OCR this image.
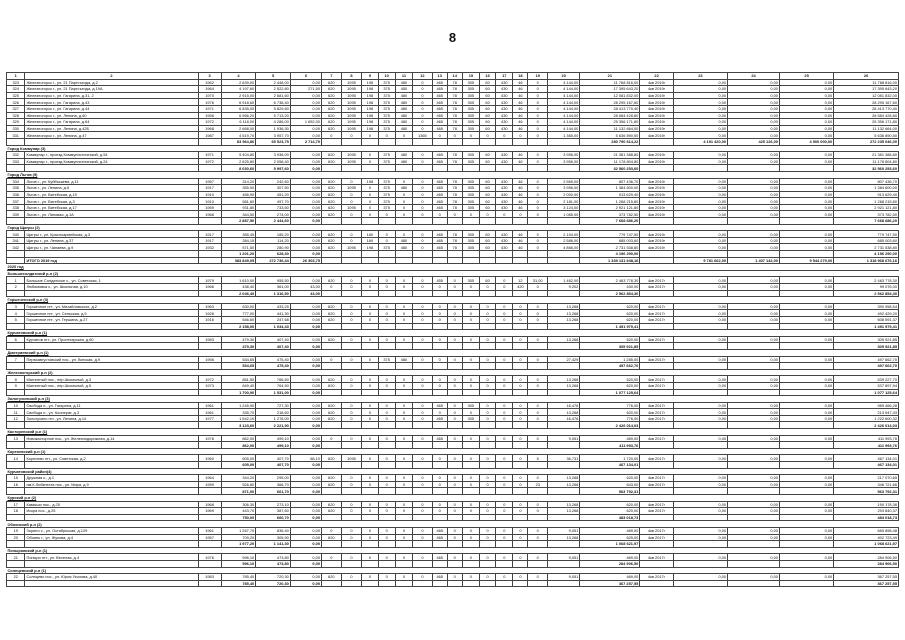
8
1	2	3	4	5	6	7	8	9	10	11	12	13	14	15	16	17	18	19	20	21	22	23	24	25	26
323	Железногорск г., ул. 21 Партсъезда, д.2	1962	2 639,00	2 448,00	0,00	620	1095	198	375	480	0	465	78	305	60	430	46	0	4 144,00	11 768 816,00	4кв 2019г	0,00	0,00	0,00	11 768 816,00
324	Железногорск г., ул. 21 Партсъезда, д.19А	1964	4 197,60	2 522,80	271,50	620	1095	198	375	450	0	465	78	305	60	430	46	0	4 144,00	17 395 643,20	4кв 2019г	0,00	0,00	0,00	17 395 643,20
325	Железногорск г., ул. Гагарина, д.31, 2	1970	2 915,00	2 681,60	0,00	620	1095	198	375	480	0	465	78	305	60	430	46	0	4 144,00	12 081 832,00	4кв 2019г	0,00	0,00	0,00	12 081 832,00
326	Железногорск г., ул. Гагарина, д.43	1976	6 918,60	6 738,40	0,00	620	1095	198	375	480	0	465	78	305	60	430	46	0	4 144,00	28 295 167,60	4кв 2019г	0,00	0,00	0,00	28 295 167,60
327	Железногорск г., ул. Гагарина, д.44	1971	6 835,00	5 829,60	0,00	620	1095	198	375	480	0	465	78	305	60	430	46	0	4 144,00	28 413 770,40	4кв 2019г	0,00	0,00	0,00	28 413 770,40
328	Железногорск г., ул. Ленина, д.60	1956	6 966,20	5 713,20	0,00	620	1095	198	375	480	0	465	78	305	60	430	46	0	4 144,00	28 584 428,80	4кв 2019г	0,00	0,00	0,00	28 584 428,80
329	Железногорск г., ул. Гагарина, д.64	1972	6 118,00	4 286,00	1 652,00	620	1095	198	375	480	0	465	78	305	60	430	46	0	4 144,00	25 356 171,80	4кв 2019г	0,00	0,00	0,00	25 356 171,80
330	Железногорск г., ул. Ленина, д.42Б	1968	2 668,00	1 936,30	0,00	620	1095	198	375	480	0	465	78	305	60	430	46	0	4 144,00	11 132 664,00	4кв 2019г	0,00	0,00	0,00	11 132 664,00
331	Железногорск г., ул. Ленина, д.47	1987	4 519,70	3 957,70	0,00	0	0	0	0	0	1365	0	0	0	0	0	0	0	1 365,00	5 636 890,50	4кв 2019г	0,00	0,00	0,00	5 636 890,50
			83 964,86	65 523,75	2 714,79															280 790 614,22		4 191 420,00	425 126,00	4 900 000,00	272 235 046,00
Город Коммунар (3)																									
332	Коммунар г., проезд Коммунистический, д.54	1971	5 404,80	3 936,00	0,00	620	1095	0	375	480	0	465	78	305	60	430	46	0	3 956,00	21 381 388,80	4кв 2019г	0,00	0,00	0,00	21 381 388,80
333	Коммунар г., проезд Коммунистический, д.24	1972	2 625,80	2 058,40	0,00	620	1095	0	375	480	0	465	78	305	60	430	46	0	3 956,00	11 178 804,80	4кв 2019г	0,00	0,00	0,00	11 178 804,80
			8 030,60	5 997,60	0,00															32 560 253,60					32 560 253,60
Город Льгов (5)																									
334	Льгов г., ул. Куйбышева, д.11	1957	314,20	242,60	0,00	620	0	198	375	0	0	465	78	305	60	430	46	0	2 569,00	807 436,70	4кв 2019г	0,00	0,00	0,00	807 436,70
335	Льгов г., ул. Ленина, д.6	1917	355,00	307,50	0,00	620	1095	0	375	480	0	465	78	305	60	430	46	0	3 956,00	1 384 600,00	4кв 2019г	0,00	0,00	0,00	1 384 600,00
336	Льгов г., ул. Витебская, д.15	1910	456,90	451,20	0,00	620	0	0	375	0	0	465	78	305	60	430	46	0	2 000,00	913 629,40	4кв 2019г	0,00	0,00	0,00	913 629,40
337	Льгов г., ул. Витебская, д.3	1910	581,60	497,70	0,00	620	0	0	375	0	0	465	78	305	60	430	46	0	2 181,00	1 268 215,80	4кв 2019г	0,00	0,00	0,00	1 268 215,80
338	Льгов г., ул. Витебская, д.17	1959	931,80	733,60	0,00	620	1095	0	375	0	0	465	78	305	60	430	46	0	3 124,00	2 921 121,80	4кв 2019г	0,00	0,00	0,00	2 921 121,80
339	Льгов г., ул. Липовая, д.1А	1968	344,50	274,00	0,00	620	0	0	0	0	0	0	0	0	0	0	0	0	1 085,00	373 782,50	4кв 2019г	0,00	0,00	0,00	373 782,50
			2 887,50	2 444,60	0,00															7 668 686,20					7 668 686,20
Город Щигры (2)																									
340	Щигры г., ул. Красноармейская, д.3	1917	355,45	185,20	0,00	620	0	160	0	0	0	465	78	305	60	430	46	0	2 194,00	779 747,50	4кв 2019г	0,00	0,00	0,00	779 747,50
341	Щигры г., ул. Ленина, д.37	1917	284,15	114,20	0,00	620	0	160	0	480	0	465	78	305	60	430	46	0	2 586,00	685 003,60	4кв 2019г	0,00	0,00	0,00	685 003,60
342	Щигры г., ул. Чапаева, д.9	1932	571,50	280,90	0,00	620	1095	198	375	480	0	465	78	305	60	430	46	0	4 866,00	2 731 538,80	4кв 2019г	0,00	0,00	0,00	2 731 538,80
			1 201,20	628,30	0,00															4 196 290,00					4 196 290,00
	ИТОГО 2019 год		383 849,05	272 736,44	26 303,75															1 339 131 948,16		9 781 662,00	1 407 142,00	9 544 279,00	1 318 968 676,16
2020 год																									
Большесолдатский р-н (2)																									
1	Большое Солдатское с., ул. Советская, 1	1979	1 610,00	955,50	0,00	620	0	0	0	0	0	455	0	305	60	0	12	31,00	1 462,00	2 463 778,30	4кв 2017г	0,00	0,00	0,00	2 463 778,30
2	Любимовка с., ул. Школьная, д.10	1966	436,40	361,00	43,00	0	0	0	0	0	0	0	0	0	0	0	420	0	9,202	430,00	4кв 2017г	0,00	0,00	0,00	99 076,00
			2 046,40	1 316,50	43,00															2 562 854,30					2 562 854,30
Горшеченский р-н (3)																									
3	Горшечное пгт., ул. Михайловского, д.2	1963	630,00	433,25	0,00	620	0	0	0	0	0	0	0	0	0	0	0	0	13,268	620,00	4кв 2017г	0,00	0,00	0,00	390 958,54
4	Горшечное пгт., ул. Сельская, д.9	1926	777,00	441,30	0,00	620	0	0	0	0	0	0	0	0	0	0	0	0	13,268	620,00	4кв 2017г	0,00	0,00	0,00	492 429,20
5	Горшечное пгт., ул. Гершина, д.27	1916	546,60	247,68	0,00	620	0	0	0	0	0	0	0	0	0	0	0	0	13,268	620,00	4кв 2017г	0,00	0,00	0,00	608 591,37
			2 158,00	1 034,43	0,00															1 491 979,41					1 491 979,41
Курчатовский р-н (1)																									
6	Курчатов пгт., ул. Пролетарская, д.60	1983	479,30	407,40	0,00	620	0	0	0	0	0	0	0	0	0	0	0	0	13,268	620,00	4кв 2017г	0,00	0,00	0,00	305 921,85
			479,30	407,40	0,00															305 921,85					305 921,85
Дмитриевский р-н (1)																									
7	Первоавгустовский пос., ул. Вятская, д.9	1956	534,65	475,40	0,00	0	0	0	375	480	0	0	0	0	0	0	0	0	27,429	1 285,00	4кв 2017г	0,00	0,00	0,00	497 662,70
			534,65	475,40	0,00															497 662,70					497 662,70
Железногорский р-н (2)																									
8	Магнитный пос., пер.Школьный, д.3	1972	851,50	766,50	0,00	620	0	0	0	0	0	0	0	0	0	0	0	0	13,268	620,00	4кв 2017г	0,00	0,00	0,00	539 227,70
9	Магнитный пос., пер.Школьный, д.5	1973	849,40	764,50	0,00	620	0	0	0	0	0	0	0	0	0	0	0	0	13,268	620,00	4кв 2017г	0,00	0,00	0,00	537 897,94
			1 700,90	1 531,00	0,00															1 077 125,64					1 077 125,64
Золотухинский р-н (3)																									
10	Свобода п., ул. Гагарина, д.11	1961	1 245,90	727,30	0,00	620	0	0	0	0	0	465	0	305	0	0	0	0	16,476	776,00	4кв 2017г	0,00	0,00	0,00	989 466,28
11	Свобода п., ул. Кооперат, д.3	1961	335,70	218,60	0,00	620	0	0	0	0	0	0	0	0	0	0	0	0	13,268	620,00	4кв 2017г	0,00	0,00	0,00	213 947,43
12	Золотухино пгт., ул. Ленина, д.14	1977	1 542,10	1 276,00	0,00	620	0	0	0	0	0	465	0	305	0	0	0	0	16,476	776,00	4кв 2017г	0,00	0,00	0,00	1 222 600,32
			3 123,60	2 221,90	0,00															2 426 014,03					2 426 014,03
Касторенский р-н (1)																									
13	Новокасторное пос., ул. Железнодорожная, д.14	1978	862,00	499,10	0,00	0	0	0	0	0	0	465	0	0	0	0	0	0	9,051	469,00	4кв 2017г	0,00	0,00	0,00	411 993,76
			862,00	499,10	0,00															411 993,76					411 993,76
Кореневский р-н (1)																									
14	Коренево пгт., ул. Советская, д.2	1960	605,00	407,70	68,10	620	1095	0	0	0	0	0	0	0	0	0	0	5	36,731	1 720,00	4кв 2017г	0,00	0,00	0,00	467 134,01
			605,00	407,70	0,00															467 134,01					467 134,01
Курчатовский район(4)																									
15	Дружная с., д.1	1964	344,20	295,00	0,00	620	0	0	0	0	0	0	0	0	0	0	0	0	13,268	620,00	4кв 2017г	0,00	0,00	0,00	217 070,65
16	им.К.Либкнехта пос., ул. Мира, д.9	1959	526,80	366,70	0,00	620	0	0	0	0	0	0	0	0	0	0	0	23	13,268	643,00	4кв 2017г	0,00	0,00	0,00	346 721,66
			871,00	661,70	0,00															563 792,31					563 792,31
Курский р-н (2)																									
17	Камыши пос., д.25	1968	306,30	273,10	0,00	620	0	0	0	0	0	0	0	0	0	0	0	0	13,268	620,00	4кв 2017г	0,00	0,00	0,00	190 178,36
18	Искра пос., д.25	1969	443,70	387,60	0,00	620	0	0	0	0	0	0	0	0	0	0	0	0	13,268	620,00	4кв 2017г	0,00	0,00	0,00	293 840,37
			750,00	660,70	0,00															483 018,73					483 018,73
Обоянский р-н (2)																									
19	Зорино с., ул. Октябрьская, д.129	1961	1 267,70	836,40	0,00	0	0	0	0	0	0	465	0	0	0	0	0	0	9,051	469,00	4кв 2017г	0,00	0,00	0,00	665 898,48
20	Обоянь г., ул. Жукова, д.4	1957	709,20	305,90	0,00	620	0	0	0	0	0	465	0	0	0	0	0	0	13,268	625,00	4кв 2017г	0,00	0,00	0,00	402 723,49
			1 977,20	1 141,30	0,00															1 068 621,97					1 068 621,97
Поныровский р-н (1)																									
21	Поныри пгт., ул. Веселая, д.4	1976	596,10	473,80	0,00	0	0	0	0	0	0	465	0	0	0	0	0	0	9,051	469,00	4кв 2017г	0,00	0,00	0,00	284 906,50
			596,10	473,80	0,00															284 906,50					284 906,50
Солнцевский р-н (1)																									
22	Солнцево пос., ул. Юрия Уколова, д.40	1983	785,40	720,30	0,00	620	0	0	0	0	0	465	0	0	0	0	0	0	9,051	469,00	4кв 2017г	0,00	0,00	0,00	367 257,55
			785,40	720,30	0,00															367 257,55					367 257,55
